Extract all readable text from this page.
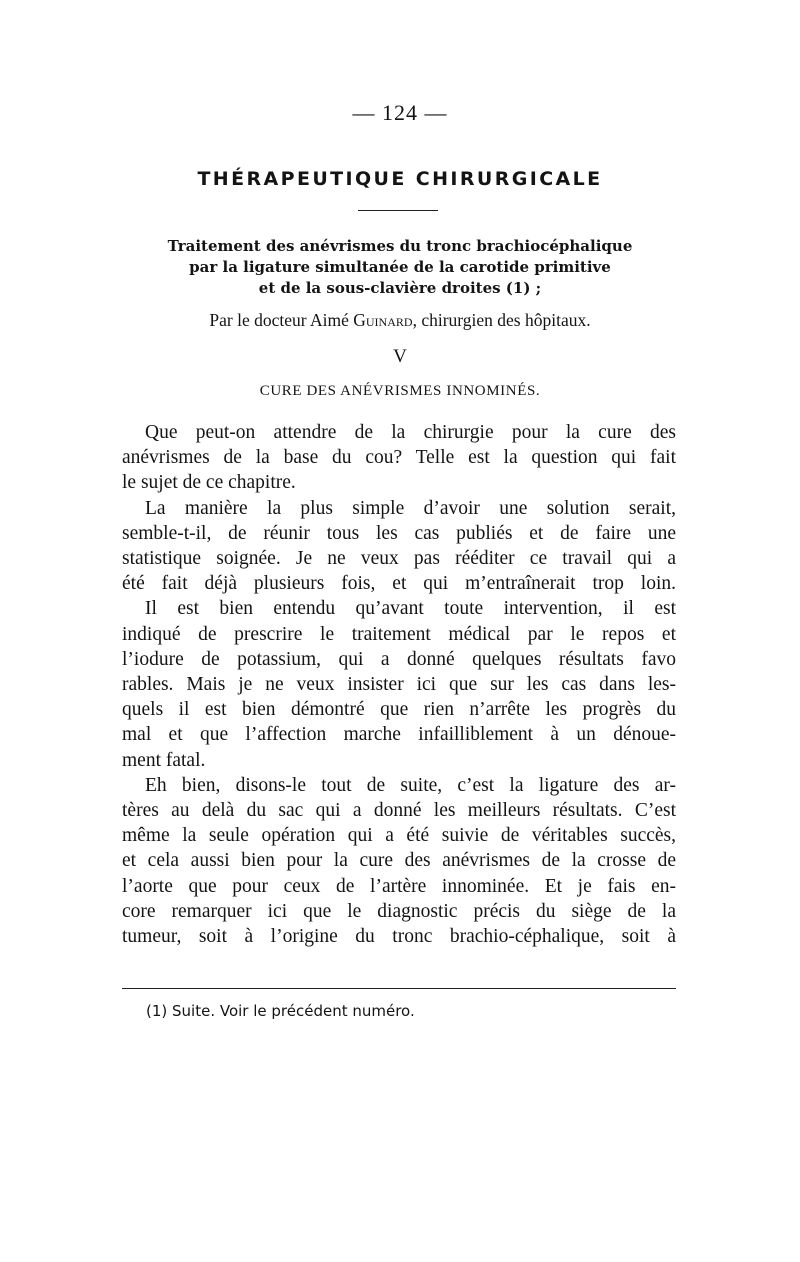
— 124 —
THÉRAPEUTIQUE CHIRURGICALE
Traitement des anévrismes du tronc brachiocéphalique
par la ligature simultanée de la carotide primitive
et de la sous-clavière droites (1) ;
Par le docteur Aimé Guinard, chirurgien des hôpitaux.
V
CURE DES ANÉVRISMES INNOMINÉS.
Que peut-on attendre de la chirurgie pour la cure des
anévrismes de la base du cou? Telle est la question qui fait
le sujet de ce chapitre.
La manière la plus simple d’avoir une solution serait,
semble-t-il, de réunir tous les cas publiés et de faire une
statistique soignée. Je ne veux pas rééditer ce travail qui a
été fait déjà plusieurs fois, et qui m’entraînerait trop loin.
Il est bien entendu qu’avant toute intervention, il est
indiqué de prescrire le traitement médical par le repos et
l’iodure de potassium, qui a donné quelques résultats favo
rables. Mais je ne veux insister ici que sur les cas dans les-
quels il est bien démontré que rien n’arrête les progrès du
mal et que l’affection marche infailliblement à un dénoue-
ment fatal.
Eh bien, disons-le tout de suite, c’est la ligature des ar-
tères au delà du sac qui a donné les meilleurs résultats. C’est
même la seule opération qui a été suivie de véritables succès,
et cela aussi bien pour la cure des anévrismes de la crosse de
l’aorte que pour ceux de l’artère innominée. Et je fais en-
core remarquer ici que le diagnostic précis du siège de la
tumeur, soit à l’origine du tronc brachio-céphalique, soit à
(1) Suite. Voir le précédent numéro.
